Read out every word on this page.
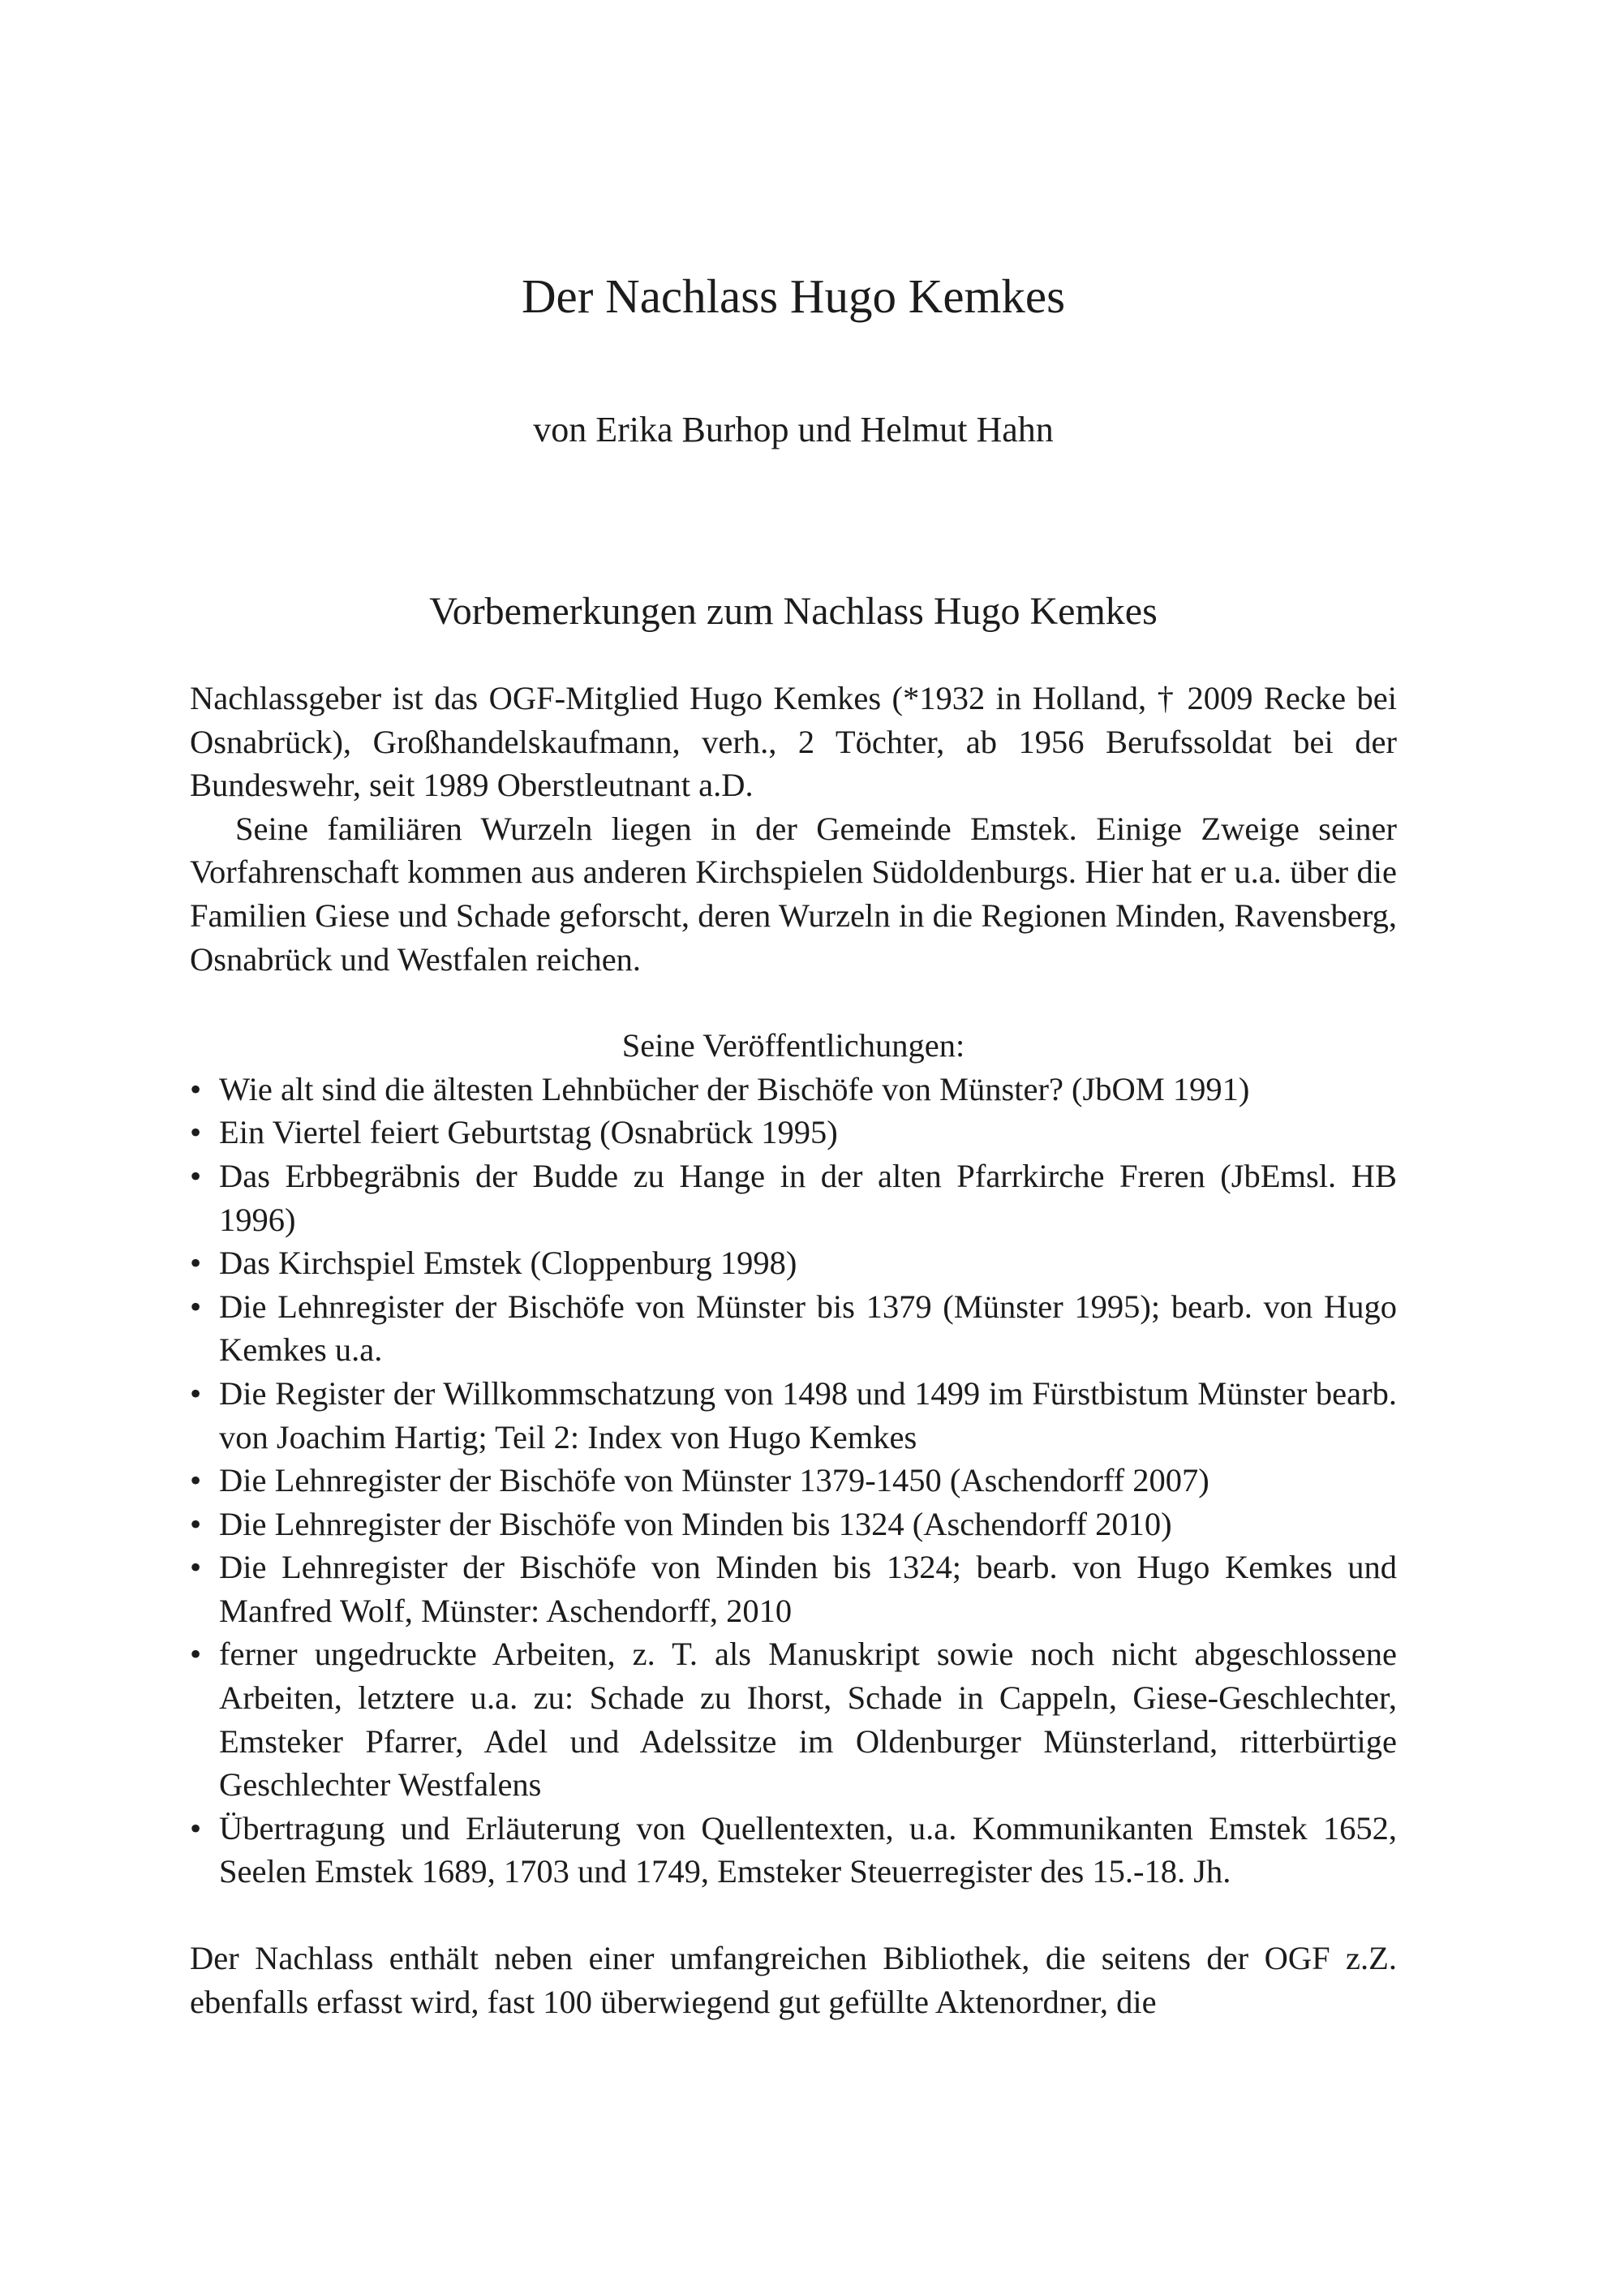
Der Nachlass Hugo Kemkes
von Erika Burhop und Helmut Hahn
Vorbemerkungen zum Nachlass Hugo Kemkes

Nachlassgeber ist das OGF-Mitglied Hugo Kemkes (*1932 in Holland, † 2009 Recke bei Osnabrück), Großhandelskaufmann, verh., 2 Töchter, ab 1956 Berufssoldat bei der Bundeswehr, seit 1989 Oberstleutnant a.D.

Seine familiären Wurzeln liegen in der Gemeinde Emstek. Einige Zweige seiner Vorfahrenschaft kommen aus anderen Kirchspielen Südoldenburgs. Hier hat er u.a. über die Familien Giese und Schade geforscht, deren Wurzeln in die Regionen Minden, Ravensberg, Osnabrück und Westfalen reichen.

Seine Veröffentlichungen:
• Wie alt sind die ältesten Lehnbücher der Bischöfe von Münster? (JbOM 1991)
• Ein Viertel feiert Geburtstag (Osnabrück 1995)
• Das Erbbegräbnis der Budde zu Hange in der alten Pfarrkirche Freren (JbEmsl. HB 1996)
• Das Kirchspiel Emstek (Cloppenburg 1998)
• Die Lehnregister der Bischöfe von Münster bis 1379 (Münster 1995); bearb. von Hugo Kemkes u.a.
• Die Register der Willkommschatzung von 1498 und 1499 im Fürstbistum Münster bearb. von Joachim Hartig; Teil 2: Index von Hugo Kemkes
• Die Lehnregister der Bischöfe von Münster 1379-1450 (Aschendorff 2007)
• Die Lehnregister der Bischöfe von Minden bis 1324 (Aschendorff 2010)
• Die Lehnregister der Bischöfe von Minden bis 1324; bearb. von Hugo Kemkes und Manfred Wolf, Münster: Aschendorff, 2010
• ferner ungedruckte Arbeiten, z. T. als Manuskript sowie noch nicht abgeschlossene Arbeiten, letztere u.a. zu: Schade zu Ihorst, Schade in Cappeln, Giese-Geschlechter, Emsteker Pfarrer, Adel und Adelssitze im Oldenburger Münsterland, ritterbürtige Geschlechter Westfalens
• Übertragung und Erläuterung von Quellentexten, u.a. Kommunikanten Emstek 1652, Seelen Emstek 1689, 1703 und 1749, Emsteker Steuerregister des 15.-18. Jh.

Der Nachlass enthält neben einer umfangreichen Bibliothek, die seitens der OGF z.Z. ebenfalls erfasst wird, fast 100 überwiegend gut gefüllte Aktenordner, die
